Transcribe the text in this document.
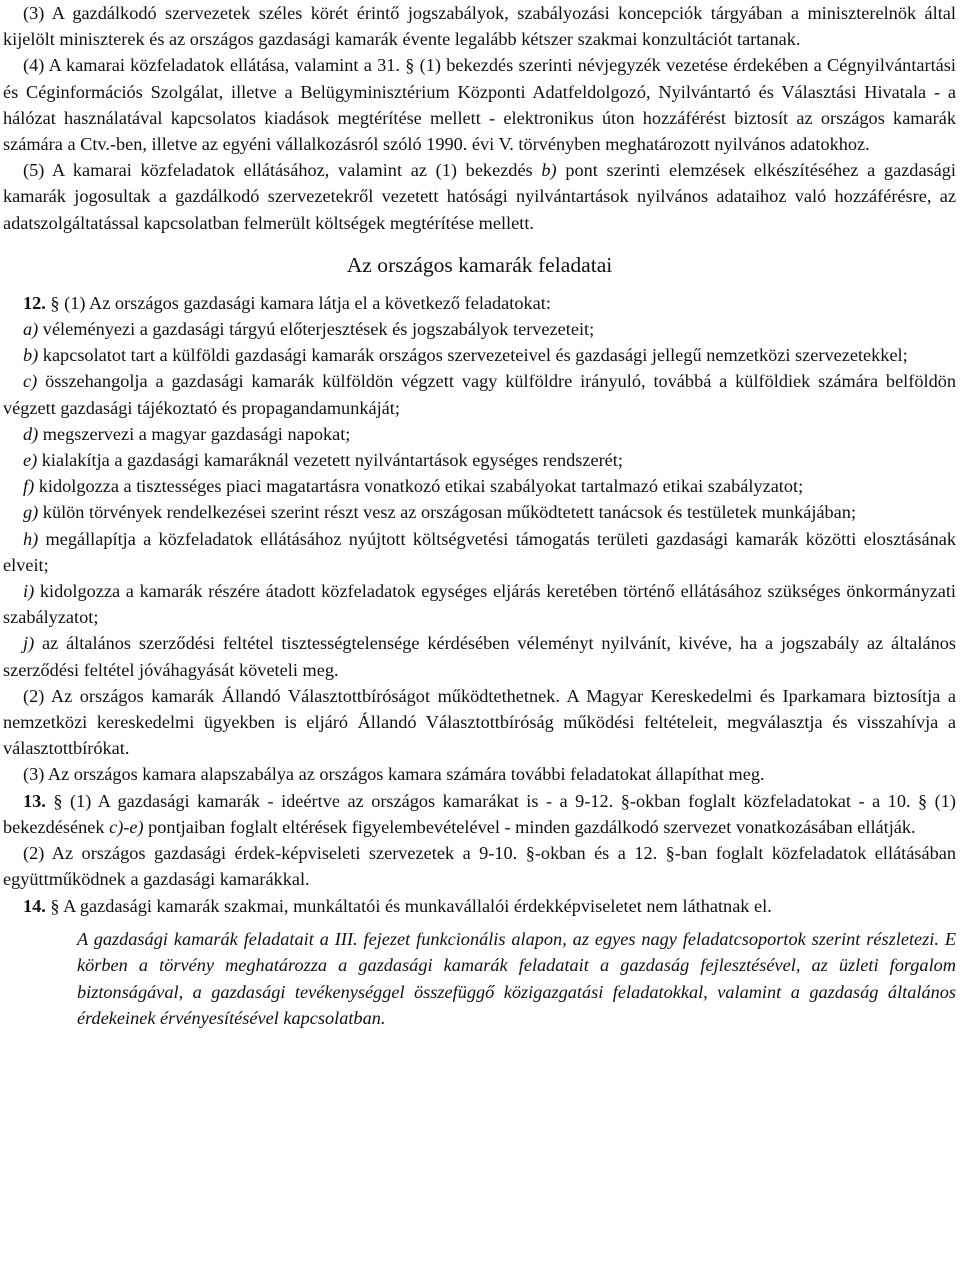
(3) A gazdálkodó szervezetek széles körét érintő jogszabályok, szabályozási koncepciók tárgyában a miniszterelnök által kijelölt miniszterek és az országos gazdasági kamarák évente legalább kétszer szakmai konzultációt tartanak.

(4) A kamarai közfeladatok ellátása, valamint a 31. § (1) bekezdés szerinti névjegyzék vezetése érdekében a Cégnyilvántartási és Céginformációs Szolgálat, illetve a Belügyminisztérium Központi Adatfeldolgozó, Nyilvántartó és Választási Hivatala - a hálózat használatával kapcsolatos kiadások megtérítése mellett - elektronikus úton hozzáférést biztosít az országos kamarák számára a Ctv.-ben, illetve az egyéni vállalkozásról szóló 1990. évi V. törvényben meghatározott nyilvános adatokhoz.

(5) A kamarai közfeladatok ellátásához, valamint az (1) bekezdés b) pont szerinti elemzések elkészítéséhez a gazdasági kamarák jogosultak a gazdálkodó szervezetekről vezetett hatósági nyilvántartások nyilvános adataihoz való hozzáférésre, az adatszolgáltatással kapcsolatban felmerült költségek megtérítése mellett.

Az országos kamarák feladatai

12. § (1) Az országos gazdasági kamara látja el a következő feladatokat:

a) véleményezi a gazdasági tárgyú előterjesztések és jogszabályok tervezeteit;

b) kapcsolatot tart a külföldi gazdasági kamarák országos szervezeteivel és gazdasági jellegű nemzetközi szervezetekkel;

c) összehangolja a gazdasági kamarák külföldön végzett vagy külföldre irányuló, továbbá a külföldiek számára belföldön végzett gazdasági tájékoztató és propagandamunkáját;

d) megszervezi a magyar gazdasági napokat;

e) kialakítja a gazdasági kamaráknál vezetett nyilvántartások egységes rendszerét;

f) kidolgozza a tisztességes piaci magatartásra vonatkozó etikai szabályokat tartalmazó etikai szabályzatot;

g) külön törvények rendelkezései szerint részt vesz az országosan működtetett tanácsok és testületek munkájában;

h) megállapítja a közfeladatok ellátásához nyújtott költségvetési támogatás területi gazdasági kamarák közötti elosztásának elveit;

i) kidolgozza a kamarák részére átadott közfeladatok egységes eljárás keretében történő ellátásához szükséges önkormányzati szabályzatot;

j) az általános szerződési feltétel tisztességtelensége kérdésében véleményt nyilvánít, kivéve, ha a jogszabály az általános szerződési feltétel jóváhagyását követeli meg.

(2) Az országos kamarák Állandó Választottbíróságot működtethetnek. A Magyar Kereskedelmi és Iparkamara biztosítja a nemzetközi kereskedelmi ügyekben is eljáró Állandó Választottbíróság működési feltételeit, megválasztja és visszahívja a választottbírókat.

(3) Az országos kamara alapszabálya az országos kamara számára további feladatokat állapíthat meg.

13. § (1) A gazdasági kamarák - ideértve az országos kamarákat is - a 9-12. §-okban foglalt közfeladatokat - a 10. § (1) bekezdésének c)-e) pontjaiban foglalt eltérések figyelembevételével - minden gazdálkodó szervezet vonatkozásában ellátják.

(2) Az országos gazdasági érdek-képviseleti szervezetek a 9-10. §-okban és a 12. §-ban foglalt közfeladatok ellátásában együttműködnek a gazdasági kamarákkal.

14. § A gazdasági kamarák szakmai, munkáltatói és munkavállalói érdekképviseletet nem láthatnak el.

A gazdasági kamarák feladatait a III. fejezet funkcionális alapon, az egyes nagy feladatcsoportok szerint részletezi. E körben a törvény meghatározza a gazdasági kamarák feladatait a gazdaság fejlesztésével, az üzleti forgalom biztonságával, a gazdasági tevékenységgel összefüggő közigazgatási feladatokkal, valamint a gazdaság általános érdekeinek érvényesítésével kapcsolatban.
